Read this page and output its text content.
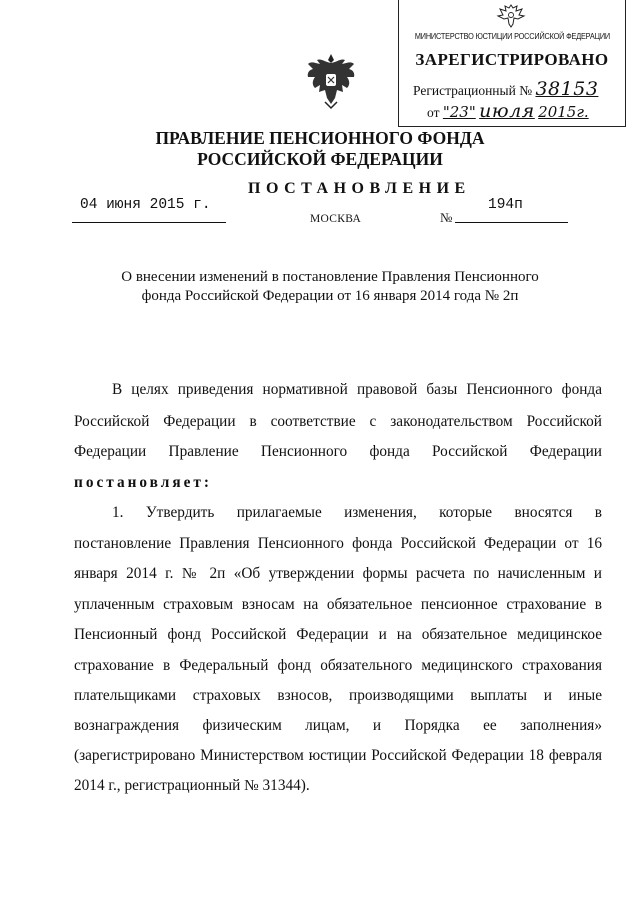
МИНИСТЕРСТВО ЮСТИЦИИ РОССИЙСКОЙ ФЕДЕРАЦИИ
ЗАРЕГИСТРИРОВАНО
Регистрационный № 38153
от "23" июля 2015г.
ПРАВЛЕНИЕ ПЕНСИОННОГО ФОНДА
РОССИЙСКОЙ ФЕДЕРАЦИИ
ПОСТАНОВЛЕНИЕ
04 июня 2015 г.
МОСКВА	№
194п
О внесении изменений в постановление Правления Пенсионного
фонда Российской Федерации от 16 января 2014 года № 2п
В целях приведения нормативной правовой базы Пенсионного фонда
Российской Федерации в соответствие с законодательством Российской
Федерации Правление Пенсионного фонда Российской Федерации
постановляет:
1. Утвердить прилагаемые изменения, которые вносятся в
постановление Правления Пенсионного фонда Российской Федерации от 16
января 2014 г. № 2п «Об утверждении формы расчета по начисленным и
уплаченным страховым взносам на обязательное пенсионное страхование в
Пенсионный фонд Российской Федерации и на обязательное медицинское
страхование в Федеральный фонд обязательного медицинского страхования
плательщиками страховых взносов, производящими выплаты и иные
вознаграждения физическим лицам, и Порядка ее заполнения»
(зарегистрировано Министерством юстиции Российской Федерации 18 февраля
2014 г., регистрационный № 31344).
